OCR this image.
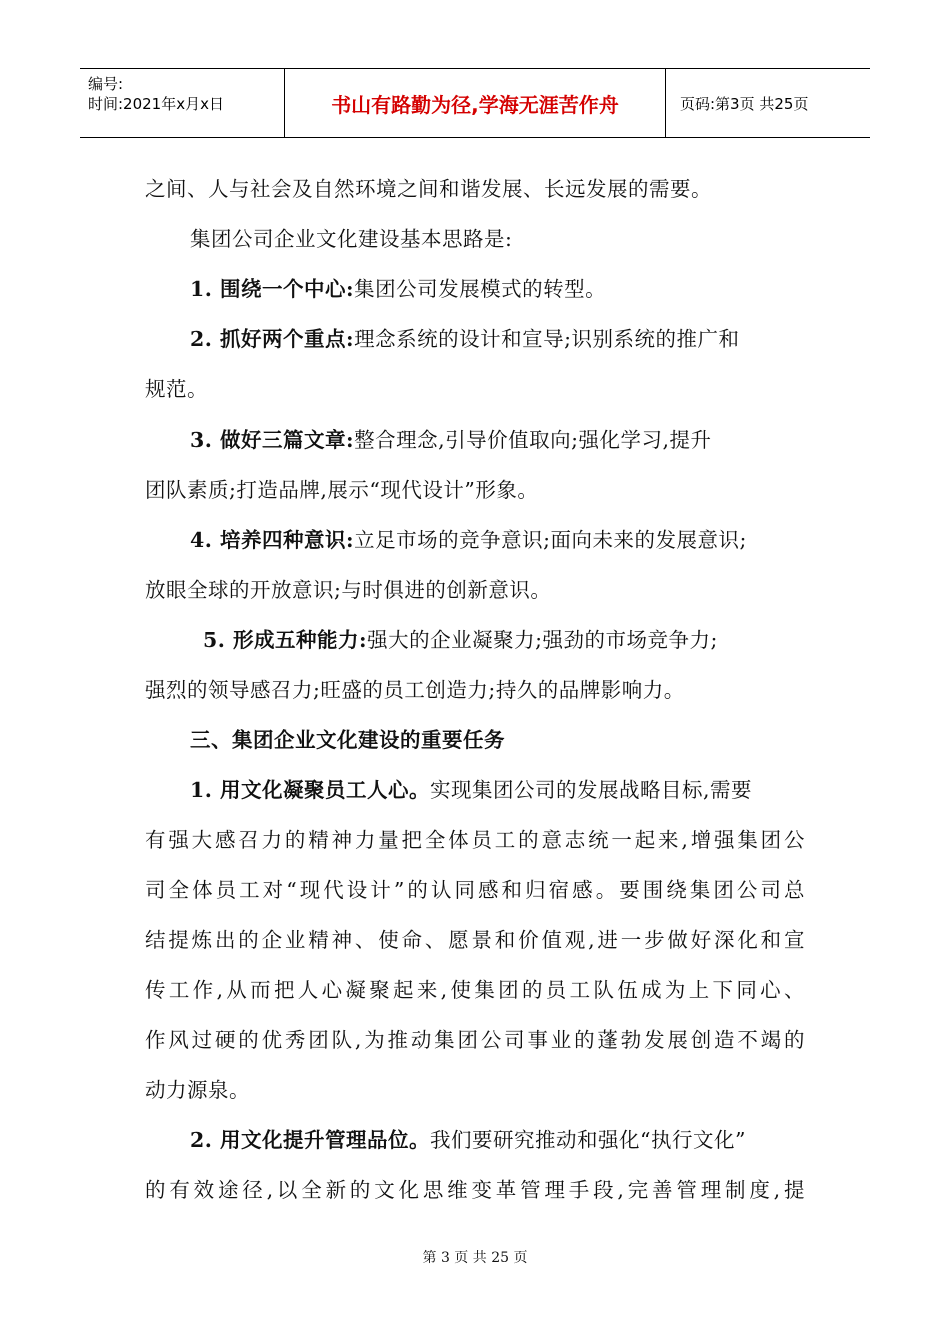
编号:
时间:2021年x月x日	书山有路勤为径,学海无涯苦作舟	页码:第3页 共25页
之间、人与社会及自然环境之间和谐发展、长远发展的需要。
集团公司企业文化建设基本思路是:
1. 围绕一个中心:集团公司发展模式的转型。
2. 抓好两个重点:理念系统的设计和宣导;识别系统的推广和
规范。
3. 做好三篇文章:整合理念,引导价值取向;强化学习,提升
团队素质;打造品牌,展示“现代设计”形象。
4. 培养四种意识:立足市场的竞争意识;面向未来的发展意识;
放眼全球的开放意识;与时俱进的创新意识。
5. 形成五种能力:强大的企业凝聚力;强劲的市场竞争力;
强烈的领导感召力;旺盛的员工创造力;持久的品牌影响力。
三、集团企业文化建设的重要任务
1. 用文化凝聚员工人心。实现集团公司的发展战略目标,需要
有强大感召力的精神力量把全体员工的意志统一起来,增强集团公
司全体员工对“现代设计”的认同感和归宿感。要围绕集团公司总
结提炼出的企业精神、使命、愿景和价值观,进一步做好深化和宣
传工作,从而把人心凝聚起来,使集团的员工队伍成为上下同心、
作风过硬的优秀团队,为推动集团公司事业的蓬勃发展创造不竭的
动力源泉。
2. 用文化提升管理品位。我们要研究推动和强化“执行文化”
的有效途径,以全新的文化思维变革管理手段,完善管理制度,提
第 3 页 共 25 页
